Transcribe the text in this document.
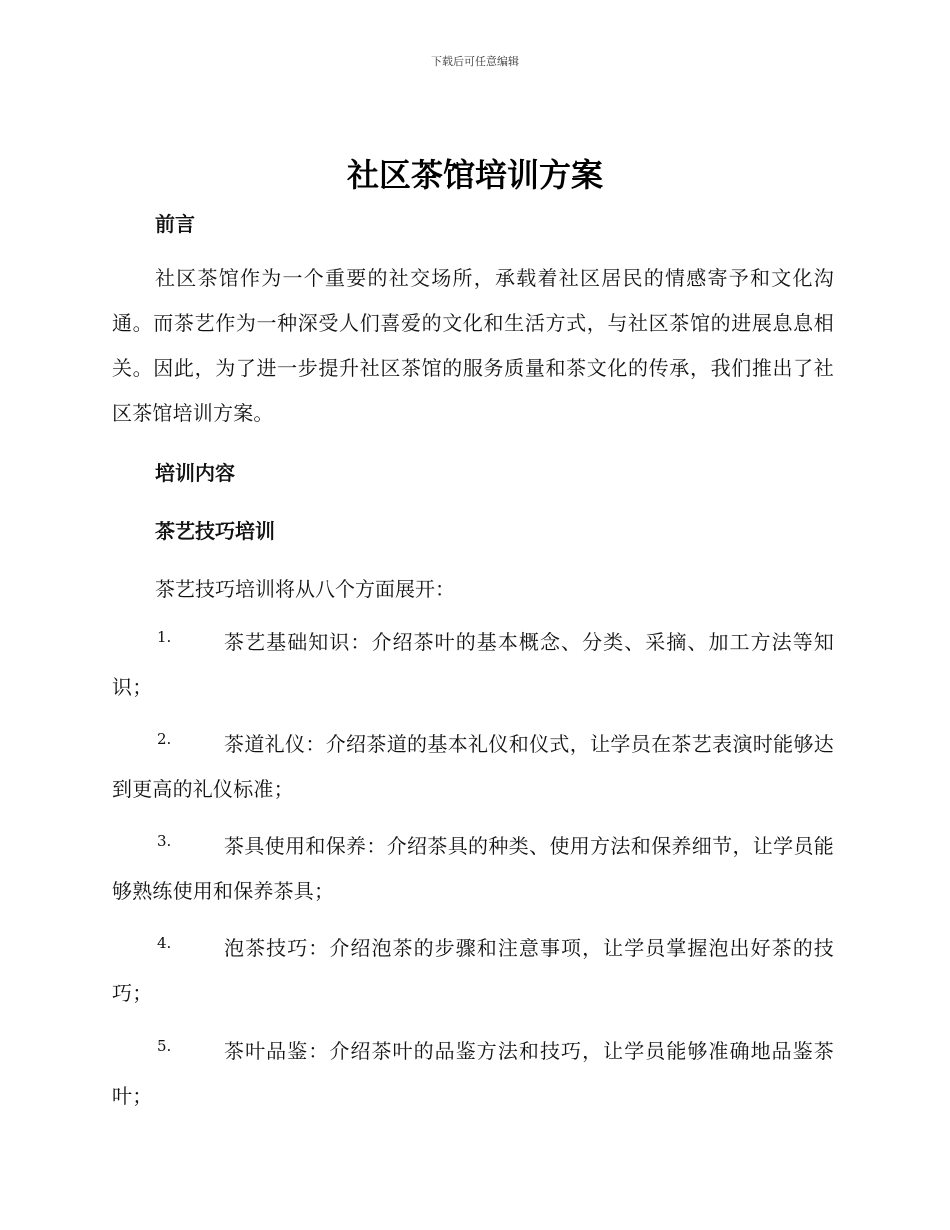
下载后可任意编辑
社区茶馆培训方案
前言

社区茶馆作为一个重要的社交场所，承载着社区居民的情感寄予和文化沟通。而茶艺作为一种深受人们喜爱的文化和生活方式，与社区茶馆的进展息息相关。因此，为了进一步提升社区茶馆的服务质量和茶文化的传承，我们推出了社区茶馆培训方案。

培训内容
茶艺技巧培训

茶艺技巧培训将从八个方面展开：

1.	茶艺基础知识：介绍茶叶的基本概念、分类、采摘、加工方法等知识；
2.	茶道礼仪：介绍茶道的基本礼仪和仪式，让学员在茶艺表演时能够达到更高的礼仪标准；
3.	茶具使用和保养：介绍茶具的种类、使用方法和保养细节，让学员能够熟练使用和保养茶具；
4.	泡茶技巧：介绍泡茶的步骤和注意事项，让学员掌握泡出好茶的技巧；
5.	茶叶品鉴：介绍茶叶的品鉴方法和技巧，让学员能够准确地品鉴茶叶；
